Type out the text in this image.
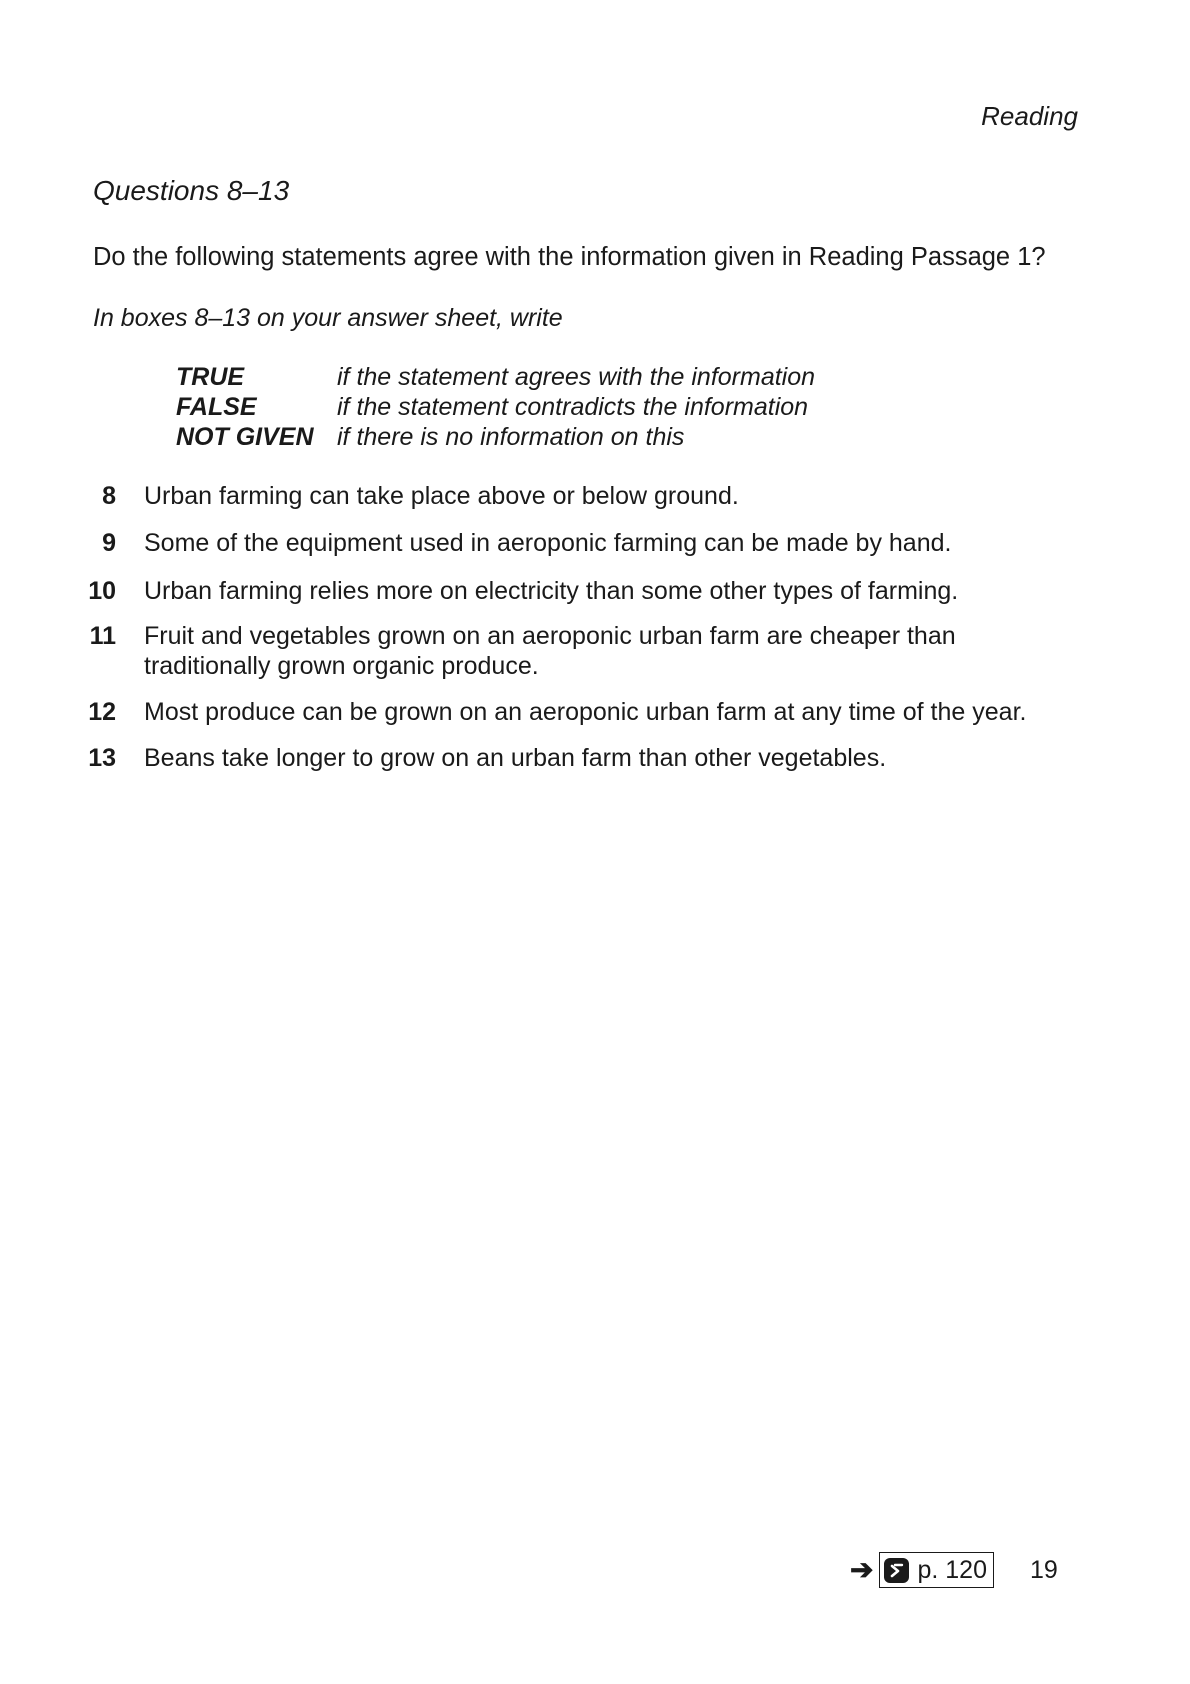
Reading
Questions 8–13
Do the following statements agree with the information given in Reading Passage 1?
In boxes 8–13 on your answer sheet, write
TRUE	if the statement agrees with the information
FALSE	if the statement contradicts the information
NOT GIVEN if there is no information on this
8 Urban farming can take place above or below ground.
9 Some of the equipment used in aeroponic farming can be made by hand.
10 Urban farming relies more on electricity than some other types of farming.
11 Fruit and vegetables grown on an aeroponic urban farm are cheaper than traditionally grown organic produce.
12 Most produce can be grown on an aeroponic urban farm at any time of the year.
13 Beans take longer to grow on an urban farm than other vegetables.
➔ p. 120 19
